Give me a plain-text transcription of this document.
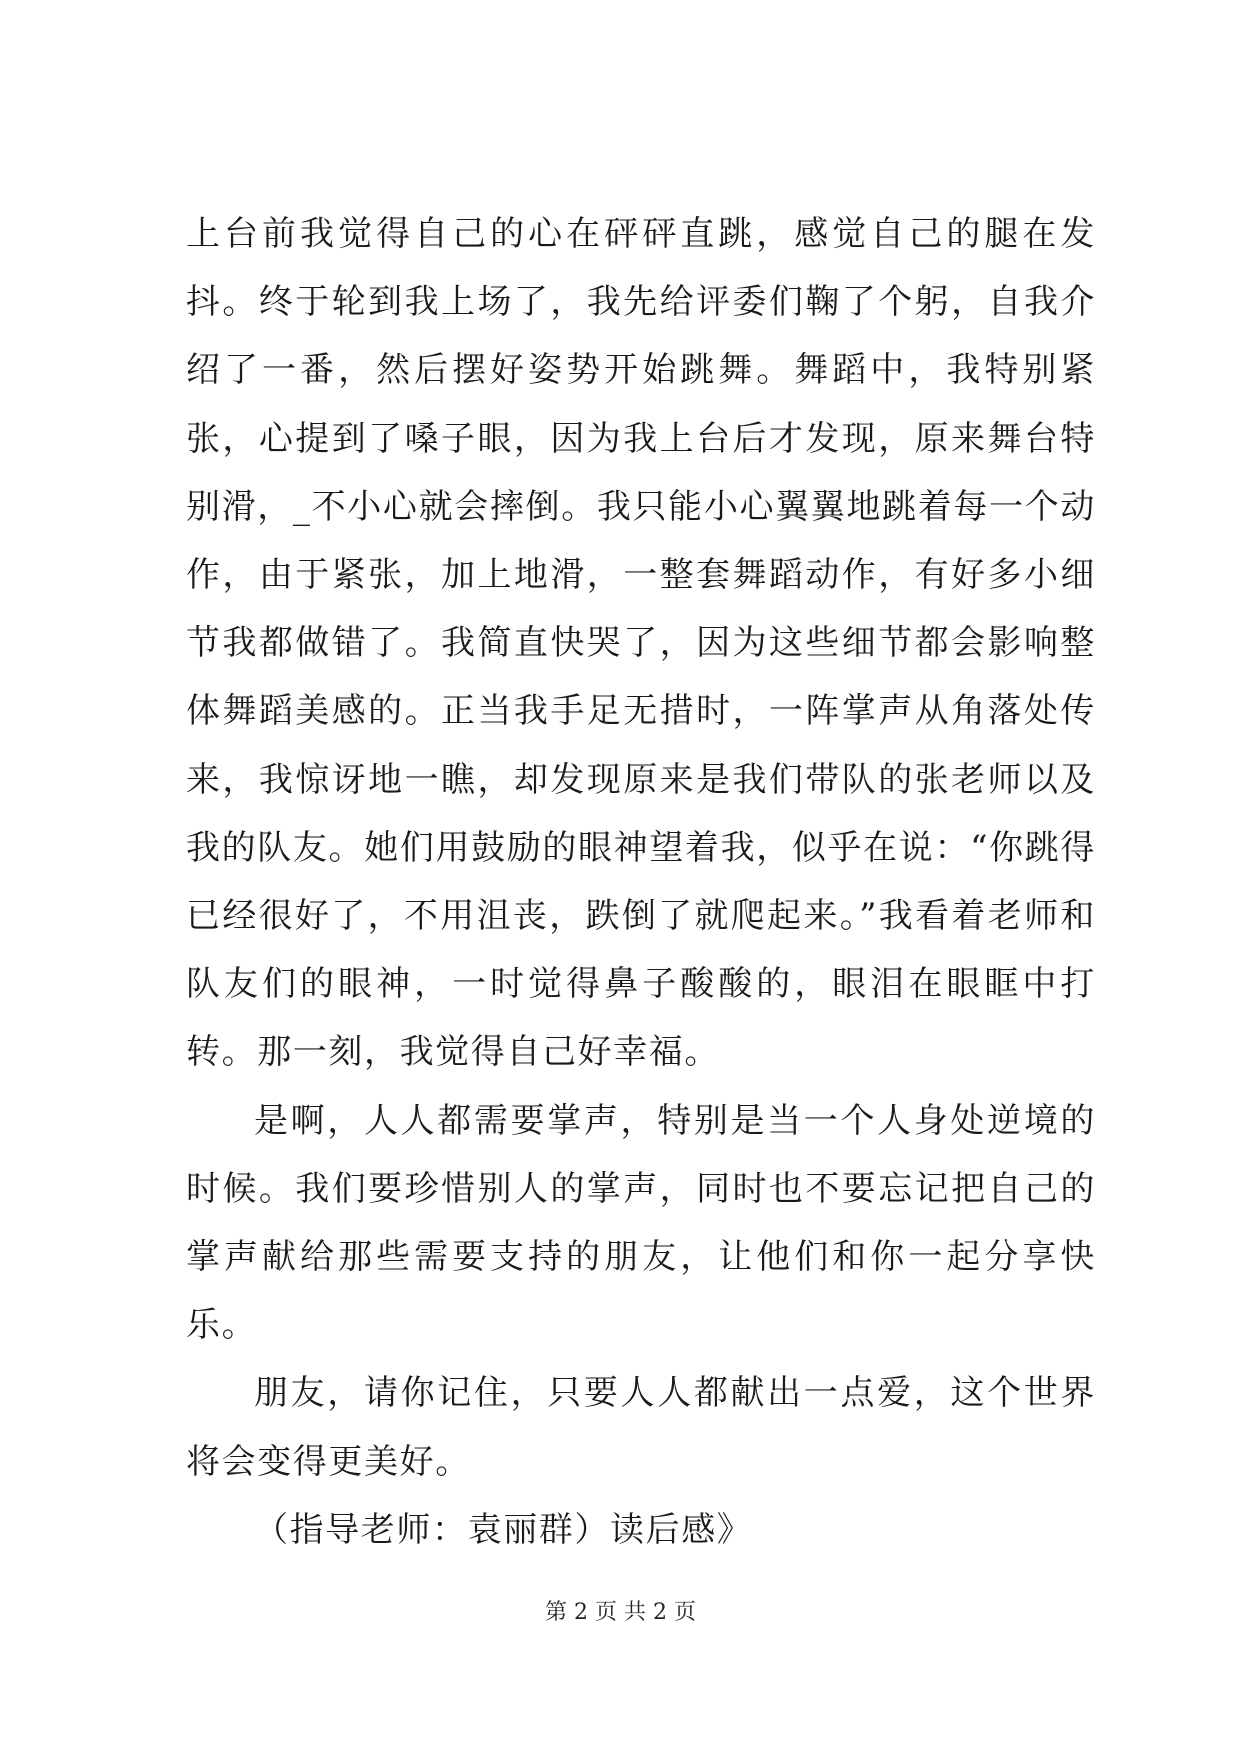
上台前我觉得自己的心在砰砰直跳，感觉自己的腿在发抖。终于轮到我上场了，我先给评委们鞠了个躬，自我介绍了一番，然后摆好姿势开始跳舞。舞蹈中，我特别紧张，心提到了嗓子眼，因为我上台后才发现，原来舞台特别滑，_不小心就会摔倒。我只能小心翼翼地跳着每一个动作，由于紧张，加上地滑，一整套舞蹈动作，有好多小细节我都做错了。我简直快哭了，因为这些细节都会影响整体舞蹈美感的。正当我手足无措时，一阵掌声从角落处传来，我惊讶地一瞧，却发现原来是我们带队的张老师以及我的队友。她们用鼓励的眼神望着我，似乎在说：“你跳得已经很好了，不用沮丧，跌倒了就爬起来。”我看着老师和队友们的眼神，一时觉得鼻子酸酸的，眼泪在眼眶中打转。那一刻，我觉得自己好幸福。

是啊，人人都需要掌声，特别是当一个人身处逆境的时候。我们要珍惜别人的掌声，同时也不要忘记把自己的掌声献给那些需要支持的朋友，让他们和你一起分享快乐。

朋友，请你记住，只要人人都献出一点爱，这个世界将会变得更美好。

（指导老师：袁丽群）读后感》

第 2 页 共 2 页
